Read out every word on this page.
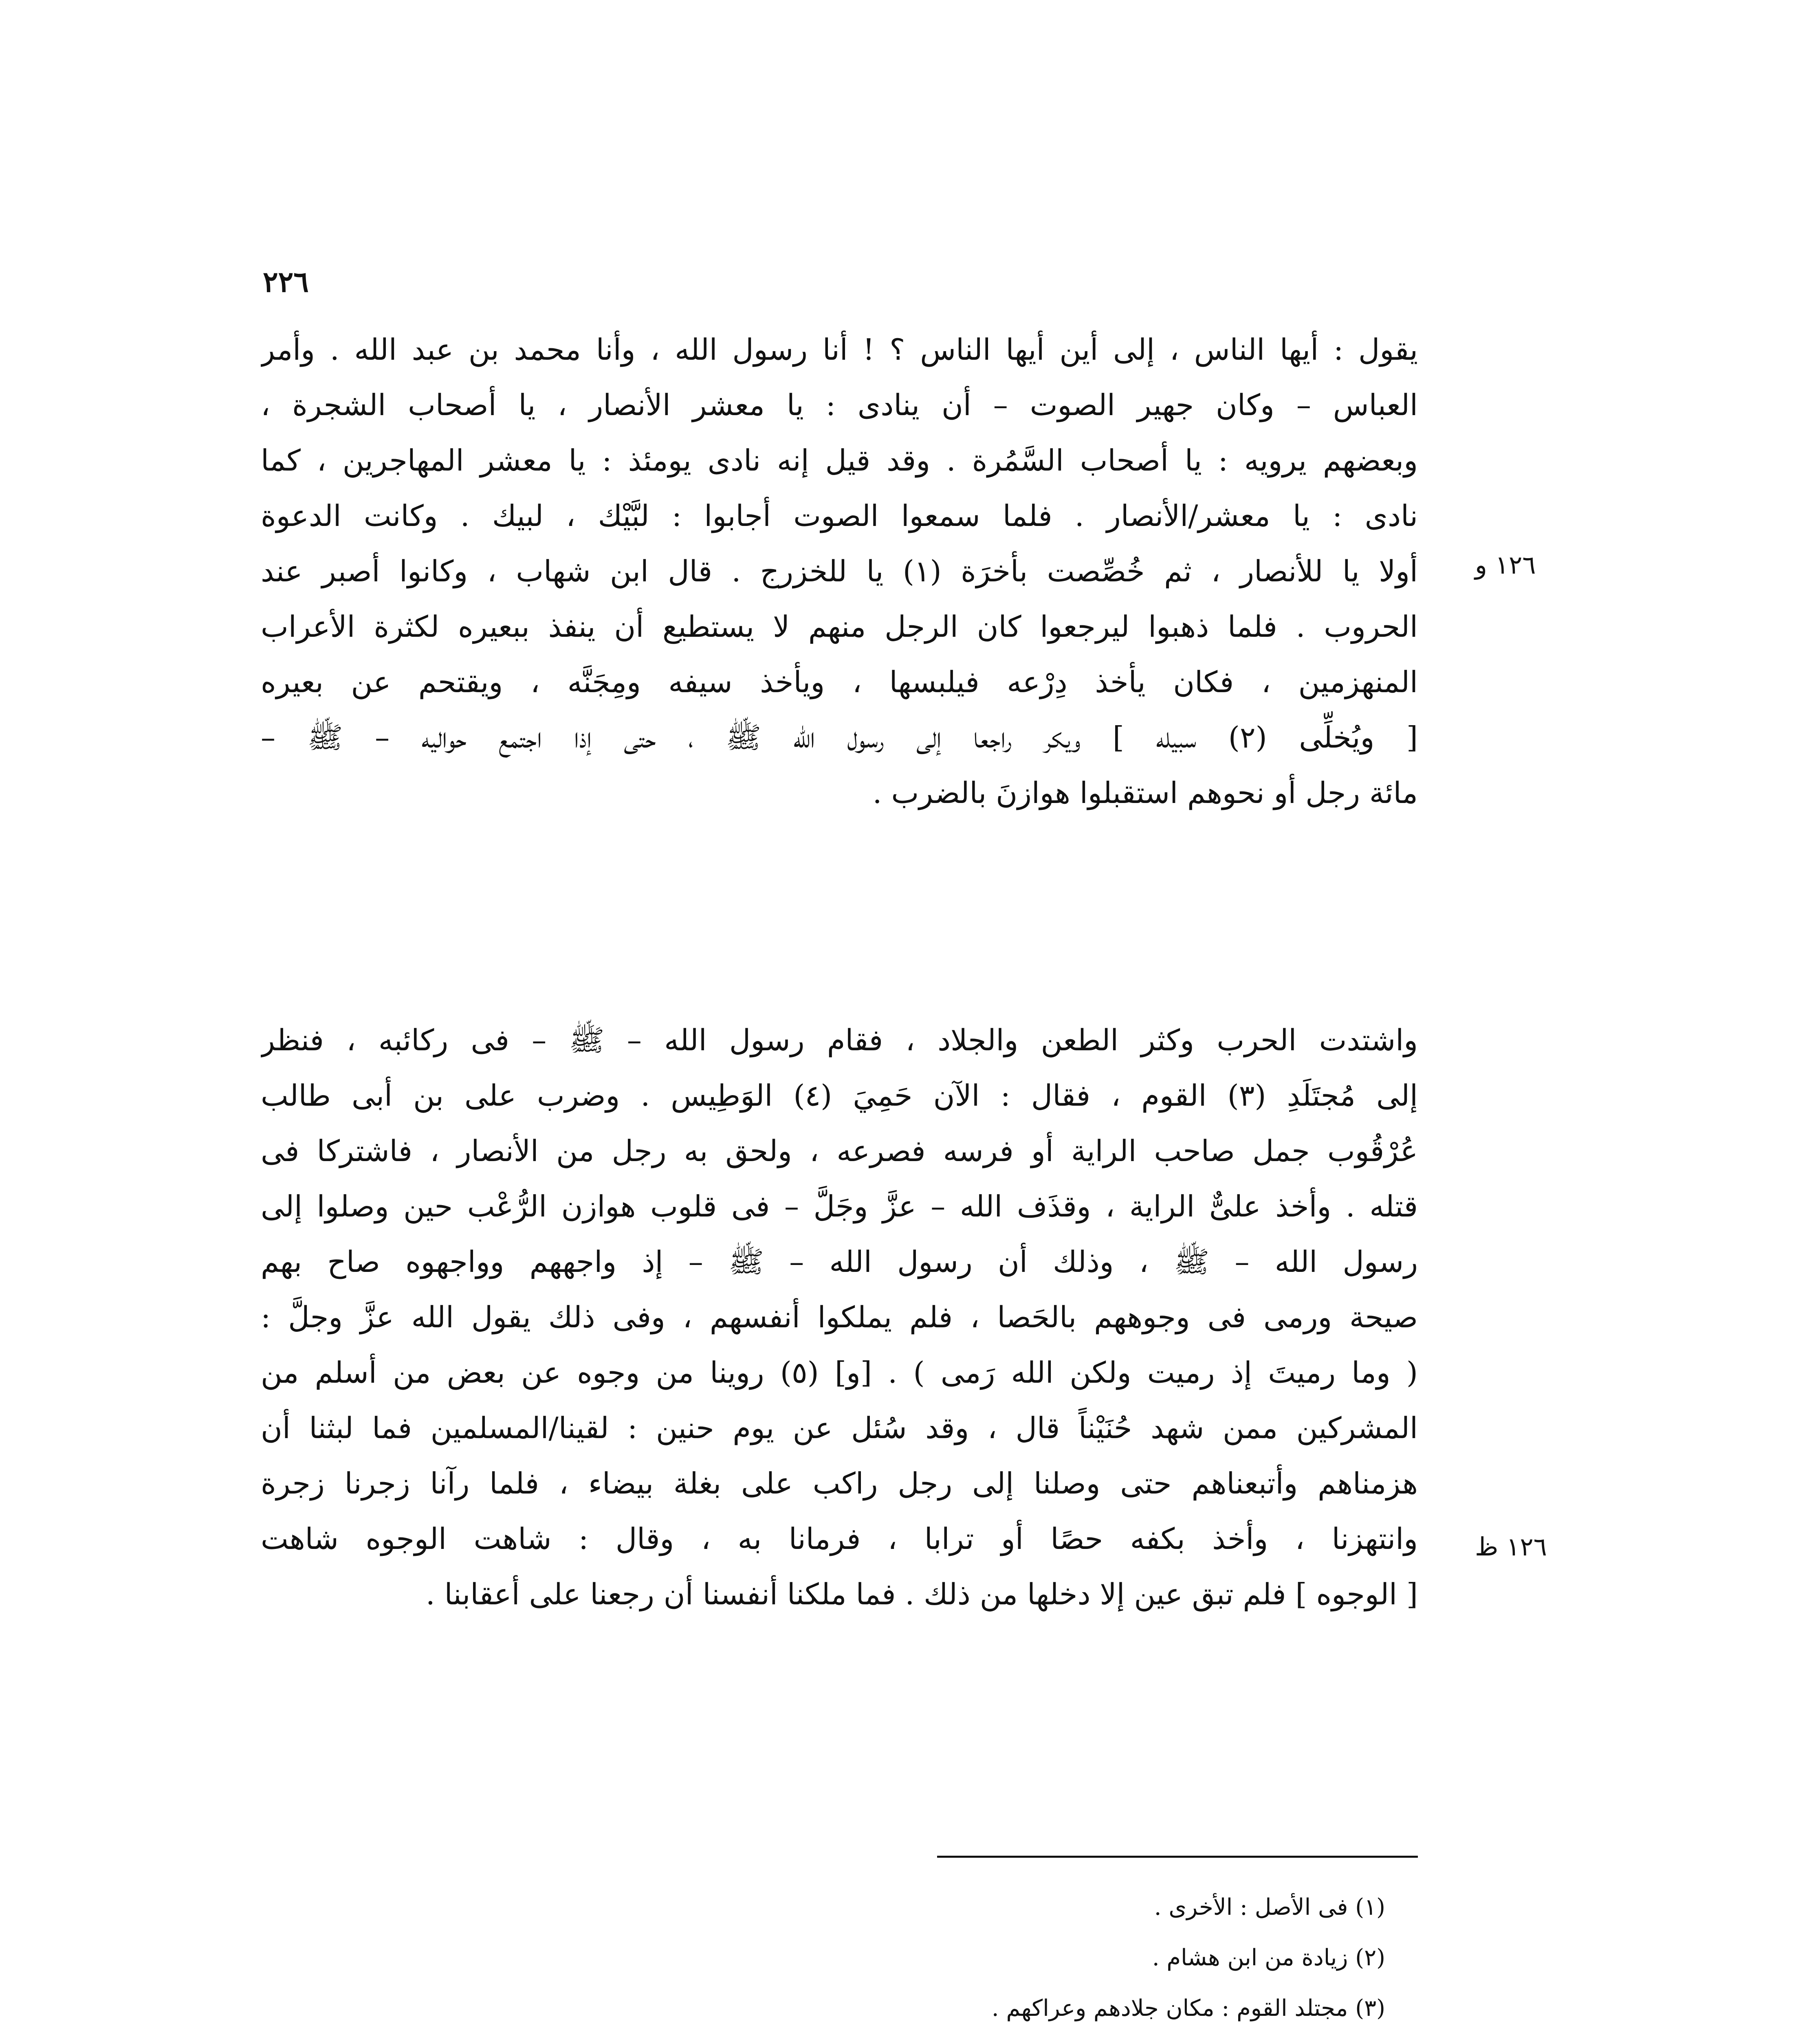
٢٢٦
١٢٦ و
١٢٦ ظ
يقول : أيها الناس ، إلى أين أيها الناس ؟ ! أنا رسول الله ، وأنا محمد بن عبد الله . وأمر
العباس – وكان جهير الصوت – أن ينادى : يا معشر الأنصار ، يا أصحاب الشجرة ،
وبعضهم يرويه : يا أصحاب السَّمُرة . وقد قيل إنه نادى يومئذ : يا معشر المهاجرين ، كما
نادى : يا معشر/الأنصار . فلما سمعوا الصوت أجابوا : لبَّيْك ، لبيك . وكانت الدعوة
أولا يا للأنصار ، ثم خُصِّصت بأخرَة (١) يا للخزرج . قال ابن شهاب ، وكانوا أصبر عند
الحروب . فلما ذهبوا ليرجعوا كان الرجل منهم لا يستطيع أن ينفذ ببعيره لكثرة الأعراب
المنهزمين ، فكان يأخذ دِرْعه فيلبسها ، ويأخذ سيفه ومِجَنَّه ، ويقتحم عن بعيره
[ ويُخلِّى (٢) سبيله ] ويكر راجعا إلى رسول الله ﷺ ، حتى إذا اجتمع حواليه – ﷺ –
مائة رجل أو نحوهم استقبلوا هوازنَ بالضرب .
واشتدت الحرب وكثر الطعن والجلاد ، فقام رسول الله – ﷺ – فى ركائبه ، فنظر
إلى مُجتَلَدِ (٣) القوم ، فقال : الآن حَمِيَ (٤) الوَطِيس . وضرب على بن أبى طالب
عُرْقُوب جمل صاحب الراية أو فرسه فصرعه ، ولحق به رجل من الأنصار ، فاشتركا فى
قتله . وأخذ علىٌّ الراية ، وقذَف الله – عزَّ وجَلَّ – فى قلوب هوازن الرُّعْب حين وصلوا إلى
رسول الله – ﷺ ، وذلك أن رسول الله – ﷺ – إذ واجههم وواجهوه صاح بهم
صيحة ورمى فى وجوههم بالحَصا ، فلم يملكوا أنفسهم ، وفى ذلك يقول الله عزَّ وجلَّ :
( وما رميتَ إذ رميت ولكن الله رَمى ) . [و] (٥) روينا من وجوه عن بعض من أسلم من
المشركين ممن شهد حُنَيْناً قال ، وقد سُئل عن يوم حنين : لقينا/المسلمين فما لبثنا أن
هزمناهم وأتبعناهم حتى وصلنا إلى رجل راكب على بغلة بيضاء ، فلما رآنا زجرنا زجرة
وانتهزنا ، وأخذ بكفه حصًا أو ترابا ، فرمانا به ، وقال : شاهت الوجوه شاهت
[ الوجوه ] فلم تبق عين إلا دخلها من ذلك . فما ملكنا أنفسنا أن رجعنا على أعقابنا .
(١) فى الأصل : الأخرى .
(٢) زيادة من ابن هشام .
(٣) مجتلد القوم : مكان جلادهم وعراكهم .
